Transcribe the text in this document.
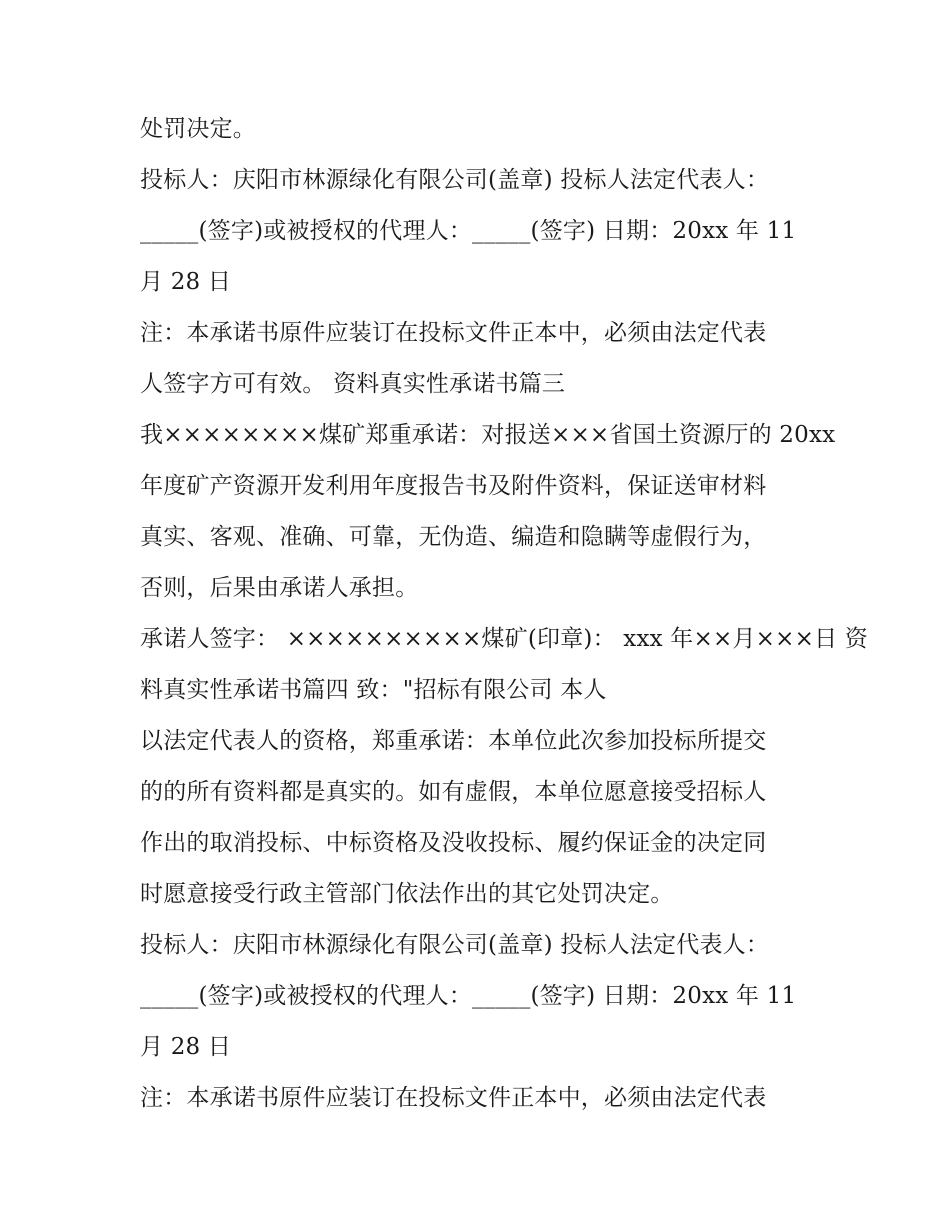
处罚决定。
投标人：庆阳市林源绿化有限公司(盖章) 投标人法定代表人：
_____(签字)或被授权的代理人：_____(签字) 日期：20xx 年 11
月 28 日
注：本承诺书原件应装订在投标文件正本中，必须由法定代表
人签字方可有效。 资料真实性承诺书篇三
我××××××××煤矿郑重承诺：对报送×××省国土资源厅的 20xx
年度矿产资源开发利用年度报告书及附件资料，保证送审材料
真实、客观、准确、可靠，无伪造、编造和隐瞒等虚假行为，
否则，后果由承诺人承担。
承诺人签字： ××××××××××煤矿(印章)： xxx 年××月×××日 资
料真实性承诺书篇四 致："招标有限公司 本人
以法定代表人的资格，郑重承诺：本单位此次参加投标所提交
的的所有资料都是真实的。如有虚假，本单位愿意接受招标人
作出的取消投标、中标资格及没收投标、履约保证金的决定同
时愿意接受行政主管部门依法作出的其它处罚决定。
投标人：庆阳市林源绿化有限公司(盖章) 投标人法定代表人：
_____(签字)或被授权的代理人：_____(签字) 日期：20xx 年 11
月 28 日
注：本承诺书原件应装订在投标文件正本中，必须由法定代表
